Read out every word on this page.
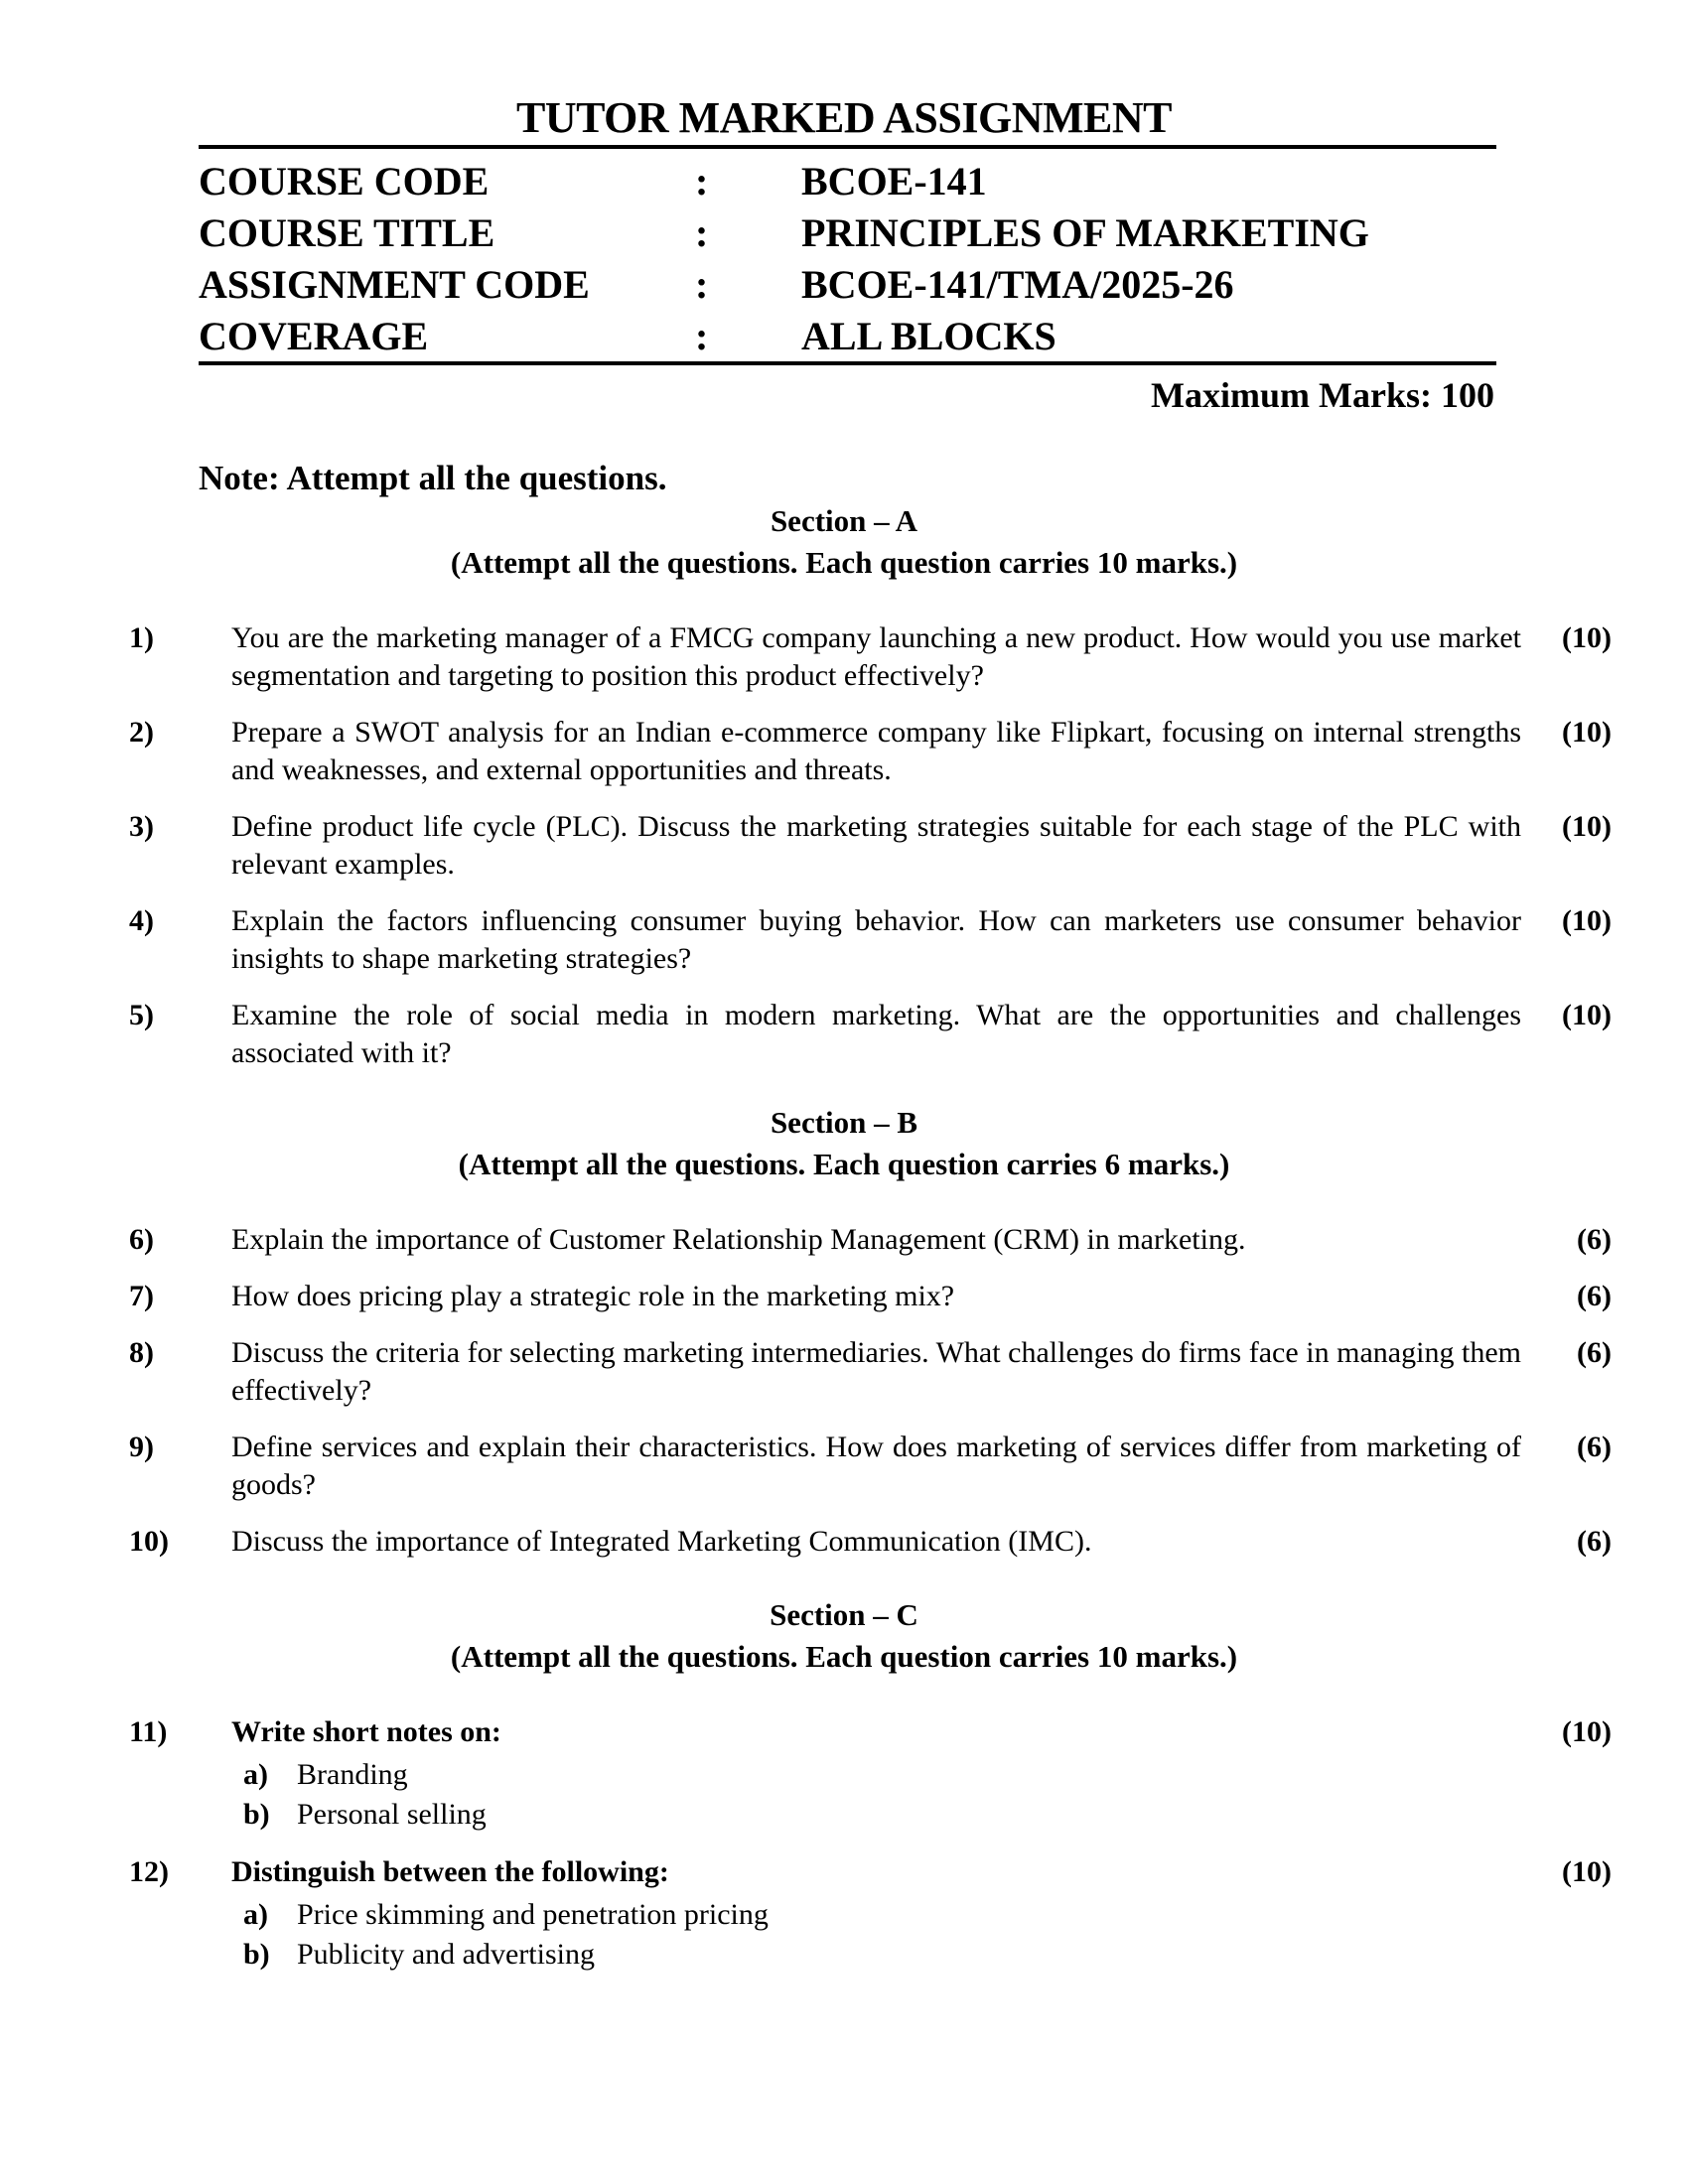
TUTOR MARKED ASSIGNMENT
COURSE CODE	:	BCOE-141
COURSE TITLE	:	PRINCIPLES OF MARKETING
ASSIGNMENT CODE	:	BCOE-141/TMA/2025-26
COVERAGE	:	ALL BLOCKS
Maximum Marks: 100
Note: Attempt all the questions.
Section – A
(Attempt all the questions. Each question carries 10 marks.)
1)	You are the marketing manager of a FMCG company launching a new product. How would you use market segmentation and targeting to position this product effectively?
(10)
2)	Prepare a SWOT analysis for an Indian e-commerce company like Flipkart, focusing on internal strengths and weaknesses, and external opportunities and threats.
(10)
3)	Define product life cycle (PLC). Discuss the marketing strategies suitable for each stage of the PLC with relevant examples.
(10)
4)	Explain the factors influencing consumer buying behavior. How can marketers use consumer behavior insights to shape marketing strategies?
(10)
5)	Examine the role of social media in modern marketing. What are the opportunities and challenges associated with it?
(10)
Section – B
(Attempt all the questions. Each question carries 6 marks.)
6)	Explain the importance of Customer Relationship Management (CRM) in marketing.	(6)
7)	How does pricing play a strategic role in the marketing mix?	(6)
8)	Discuss the criteria for selecting marketing intermediaries. What challenges do firms face in managing them effectively?
(6)
9)	Define services and explain their characteristics. How does marketing of services differ from marketing of goods?
(6)
10)	Discuss the importance of Integrated Marketing Communication (IMC).	(6)
Section – C
(Attempt all the questions. Each question carries 10 marks.)
11)	Write short notes on:
a) Branding
b) Personal selling
(10)
12)	Distinguish between the following:
a) Price skimming and penetration pricing
b) Publicity and advertising
(10)
